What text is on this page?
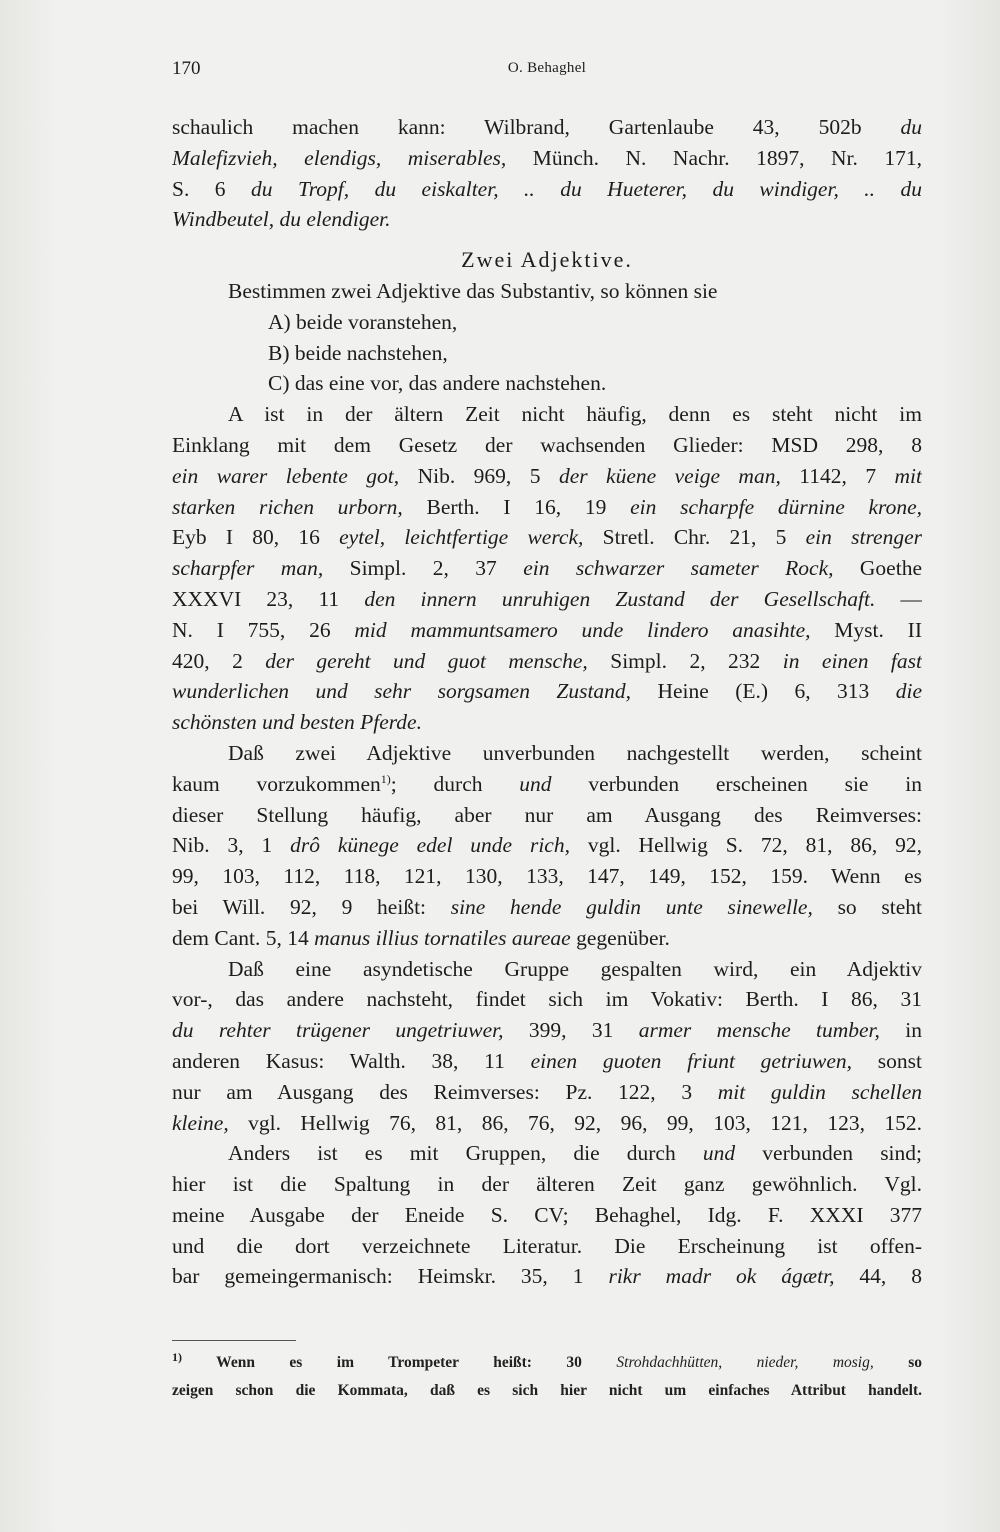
170	O. Behaghel
schaulich machen kann: Wilbrand, Gartenlaube 43, 502b du
Malefizvieh, elendigs, miserables, Münch. N. Nachr. 1897, Nr. 171,
S. 6 du Tropf, du eiskalter, .. du Hueterer, du windiger, .. du
Windbeutel, du elendiger.
Zwei Adjektive.
Bestimmen zwei Adjektive das Substantiv, so können sie
A) beide voranstehen,
B) beide nachstehen,
C) das eine vor, das andere nachstehen.
A ist in der ältern Zeit nicht häufig, denn es steht nicht im
Einklang mit dem Gesetz der wachsenden Glieder: MSD 298, 8
ein warer lebente got, Nib. 969, 5 der küene veige man, 1142, 7 mit
starken richen urborn, Berth. I 16, 19 ein scharpfe dürnine krone,
Eyb I 80, 16 eytel, leichtfertige werck, Stretl. Chr. 21, 5 ein strenger
scharpfer man, Simpl. 2, 37 ein schwarzer sameter Rock, Goethe
XXXVI 23, 11 den innern unruhigen Zustand der Gesellschaft. —
N. I 755, 26 mid mammuntsamero unde lindero anasihte, Myst. II
420, 2 der gereht und guot mensche, Simpl. 2, 232 in einen fast
wunderlichen und sehr sorgsamen Zustand, Heine (E.) 6, 313 die
schönsten und besten Pferde.
Daß zwei Adjektive unverbunden nachgestellt werden, scheint
kaum vorzukommen$^{1)}$; durch und verbunden erscheinen sie in
dieser Stellung häufig, aber nur am Ausgang des Reimverses:
Nib. 3, 1 drô künege edel unde rich, vgl. Hellwig S. 72, 81, 86, 92,
99, 103, 112, 118, 121, 130, 133, 147, 149, 152, 159. Wenn es
bei Will. 92, 9 heißt: sine hende guldin unte sinewelle, so steht
dem Cant. 5, 14 manus illius tornatiles aureae gegenüber.
Daß eine asyndetische Gruppe gespalten wird, ein Adjektiv
vor-, das andere nachsteht, findet sich im Vokativ: Berth. I 86, 31
du rehter trügener ungetriuwer, 399, 31 armer mensche tumber, in
anderen Kasus: Walth. 38, 11 einen guoten friunt getriuwen, sonst
nur am Ausgang des Reimverses: Pz. 122, 3 mit guldin schellen
kleine, vgl. Hellwig 76, 81, 86, 76, 92, 96, 99, 103, 121, 123, 152.
Anders ist es mit Gruppen, die durch und verbunden sind;
hier ist die Spaltung in der älteren Zeit ganz gewöhnlich. Vgl.
meine Ausgabe der Eneide S. CV; Behaghel, Idg. F. XXXI 377
und die dort verzeichnete Literatur. Die Erscheinung ist offen-
bar gemeingermanisch: Heimskr. 35, 1 rikr madr ok ágætr, 44, 8
$^{1)}$ Wenn es im Trompeter heißt: 30 Strohdachhütten, nieder, mosig, so
zeigen schon die Kommata, daß es sich hier nicht um einfaches Attribut handelt.
